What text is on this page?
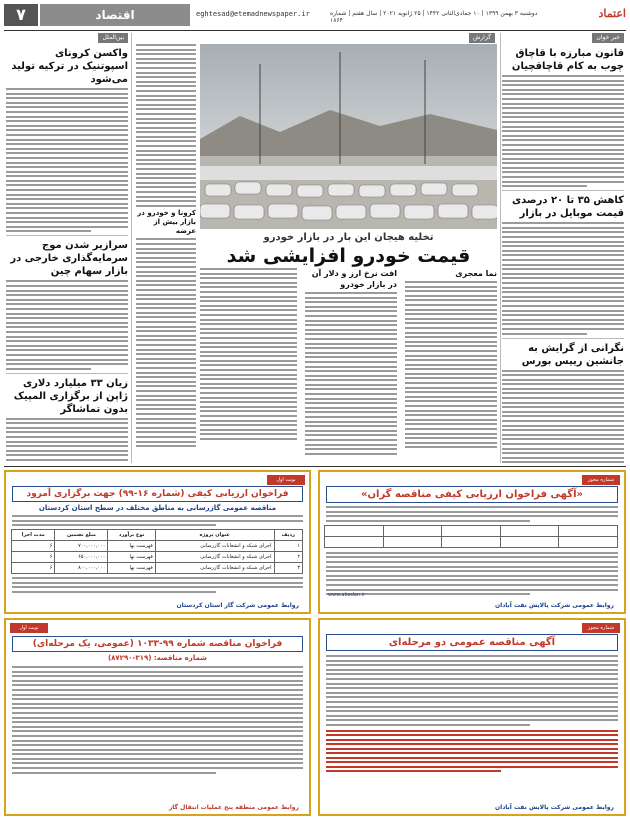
۷	اقتصاد	eghtesad@etemadnewspaper.ir	دوشنبه ۳ بهمن ۱۳۹۹ | ۱۰ جمادی‌الثانی ۱۴۴۲ | ۲۵ ژانویه ۲۰۲۱ | سال هفتم | شماره ۱۸۶۴
اعتماد
خبر خوان
قانون مبارزه با قاچاق چوب به کام قاچاقچیان
کاهش ۳۵ تا ۲۰ درصدی قیمت موبایل در بازار
نگرانی از گرایش به جانشین رییس بورس
گزارش
تخلیه هیجان این بار در بازار خودرو
قیمت خودرو افزایشی شد
نما معجری
افت نرخ ارز و دلار آن در بازار خودرو
کرونا و خودرو در بازار بیش از عرضه
بین‌الملل
واکسن کرونای اسپوتنیک در ترکیه تولید می‌شود
سرازیر شدن موج سرمایه‌گذاری خارجی در بازار سهام چین
زیان ۳۳ میلیارد دلاری ژاپن از برگزاری المپیک بدون تماشاگر
نوبت اول
فراخوان ارزیابی کیفی (شماره ۱۶-۹۹) جهت برگزاری آمرود
مناقصه عمومی گازرسانی به مناطق مختلف در سطح استان کردستان
ردیف	عنوان پروژه	نوع برآورد	مبلغ تضمین	مدت اجرا
۱	اجرای شبکه و انشعابات گازرسانی	فهرست بها	۷۰۰,۰۰۰,۰۰۰	۶
۲	اجرای شبکه و انشعابات گازرسانی	فهرست بها	۶۵۰,۰۰۰,۰۰۰	۶
۳	اجرای شبکه و انشعابات گازرسانی	فهرست بها	۸۰۰,۰۰۰,۰۰۰	۶
روابط عمومی شرکت گاز استان کردستان
شماره مجوز
«آگهی فراخوان ارزیابی کیفی مناقصه گران»

www.abadan.ir
روابط عمومی شرکت پالایش نفت آبادان
نوبت اول
فراخوان مناقصه شماره ۹۹-۱۰۳۳ (عمومی، یک مرحله‌ای)
شماره مناقصه: (۳۱۹-۸۷۲۹۰)
روابط عمومی منطقه پنج عملیات انتقال گاز
شماره مجوز
آگهی مناقصه عمومی دو مرحله‌ای
روابط عمومی شرکت پالایش نفت آبادان
